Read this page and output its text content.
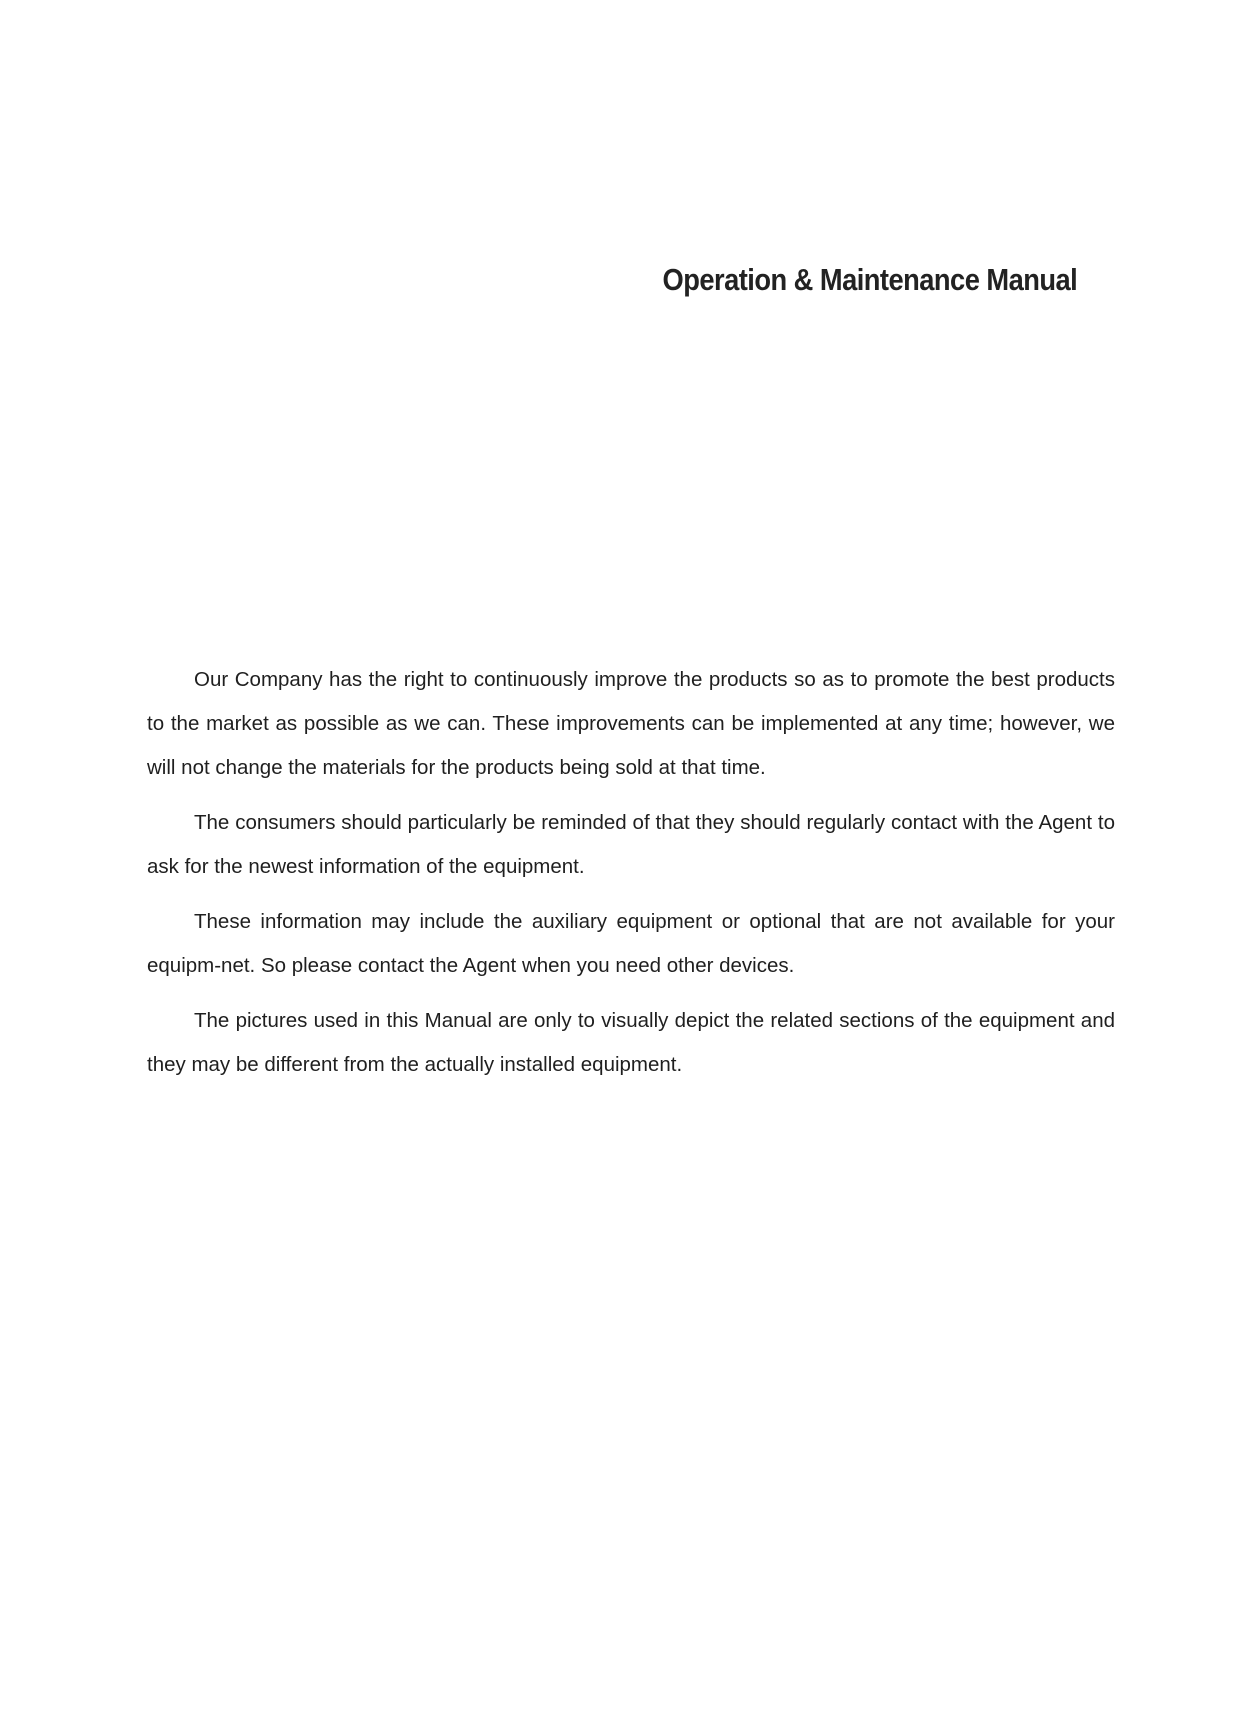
Operation & Maintenance Manual

Our Company has the right to continuously improve the products so as to promote the best products to the market as possible as we can. These improvements can be implemented at any time; however, we will not change the materials for the products being sold at that time.

The consumers should particularly be reminded of that they should regularly contact with the Agent to ask for the newest information of the equipment.

These information may include the auxiliary equipment or optional that are not available for your equipm-net. So please contact the Agent when you need other devices.

The pictures used in this Manual are only to visually depict the related sections of the equipment and they may be different from the actually installed equipment.
